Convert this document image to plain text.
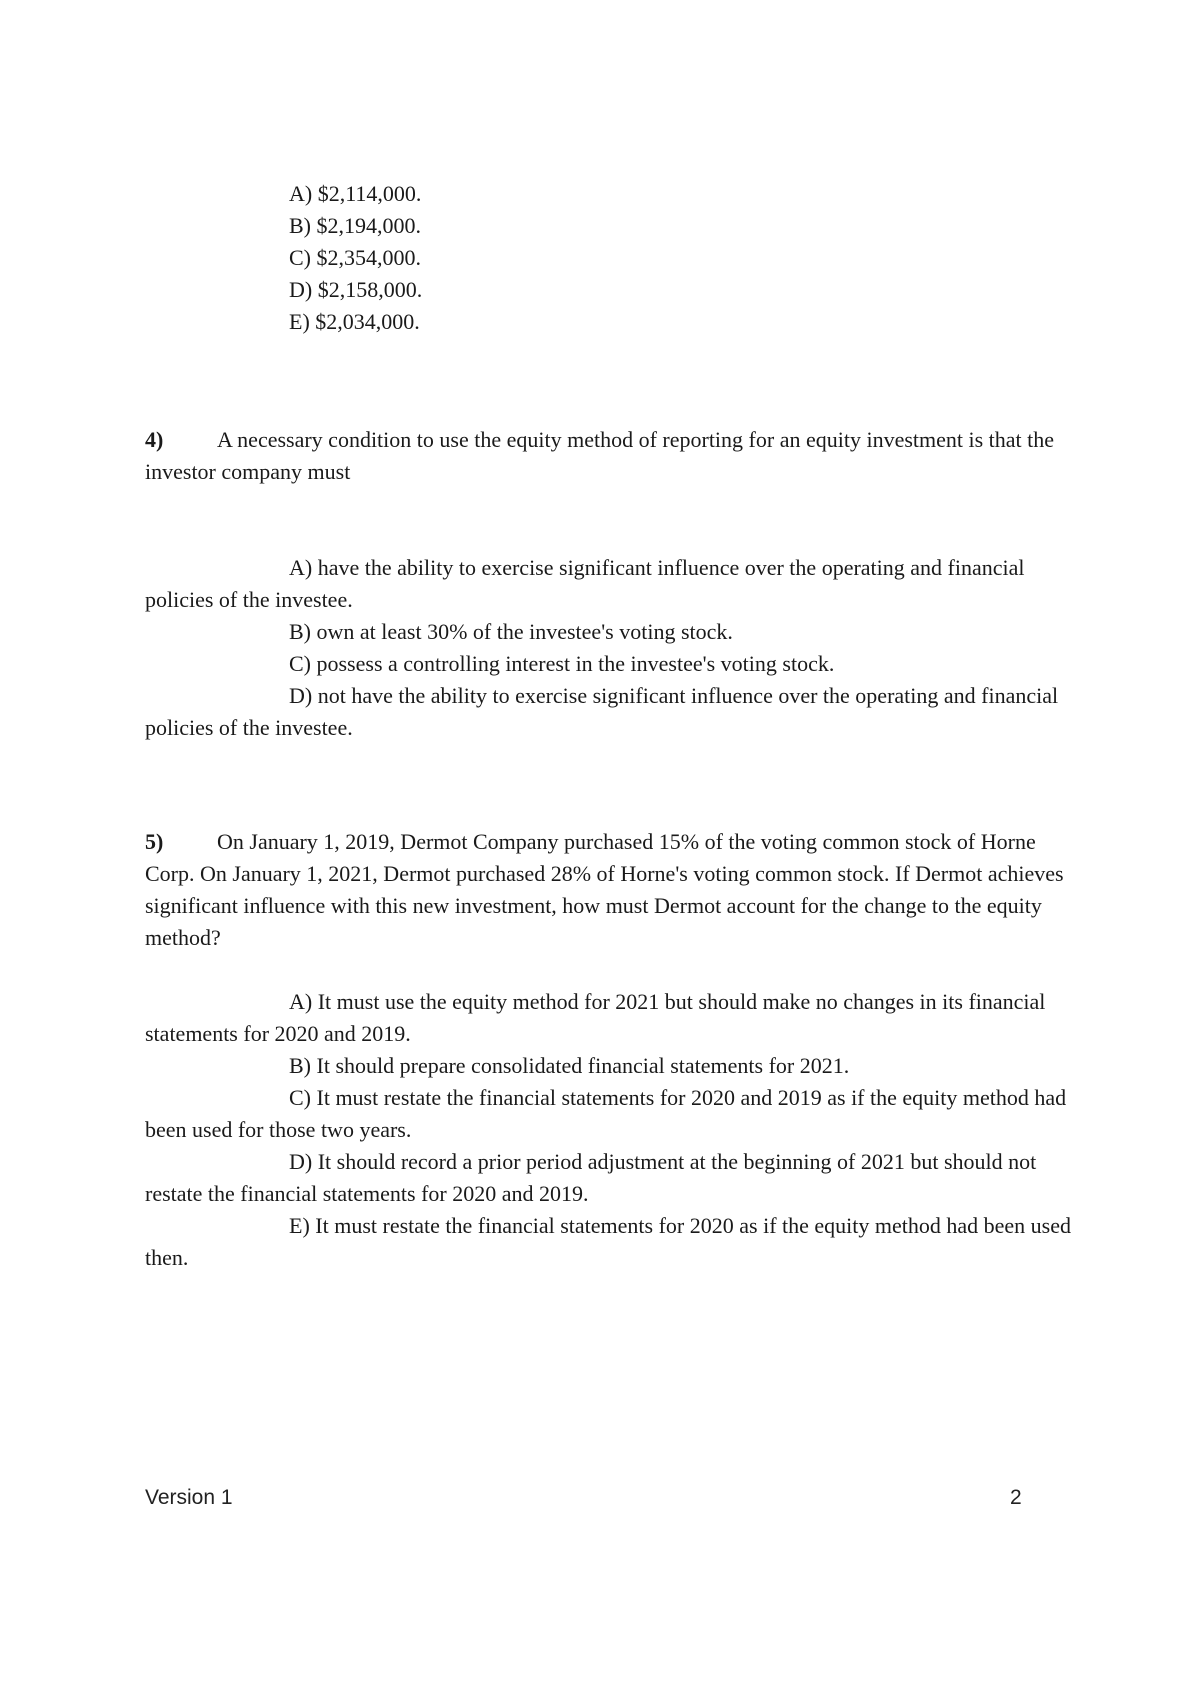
A) $2,114,000.

B) $2,194,000.

C) $2,354,000.

D) $2,158,000.

E) $2,034,000.

4) A necessary condition to use the equity method of reporting for an equity investment is that the investor company must

A) have the ability to exercise significant influence over the operating and financial policies of the investee.

B) own at least 30% of the investee's voting stock.

C) possess a controlling interest in the investee's voting stock.

D) not have the ability to exercise significant influence over the operating and financial policies of the investee.

5) On January 1, 2019, Dermot Company purchased 15% of the voting common stock of Horne Corp. On January 1, 2021, Dermot purchased 28% of Horne's voting common stock. If Dermot achieves significant influence with this new investment, how must Dermot account for the change to the equity method?

A) It must use the equity method for 2021 but should make no changes in its financial statements for 2020 and 2019.

B) It should prepare consolidated financial statements for 2021.

C) It must restate the financial statements for 2020 and 2019 as if the equity method had been used for those two years.

D) It should record a prior period adjustment at the beginning of 2021 but should not restate the financial statements for 2020 and 2019.

E) It must restate the financial statements for 2020 as if the equity method had been used then.

Version 1	2
